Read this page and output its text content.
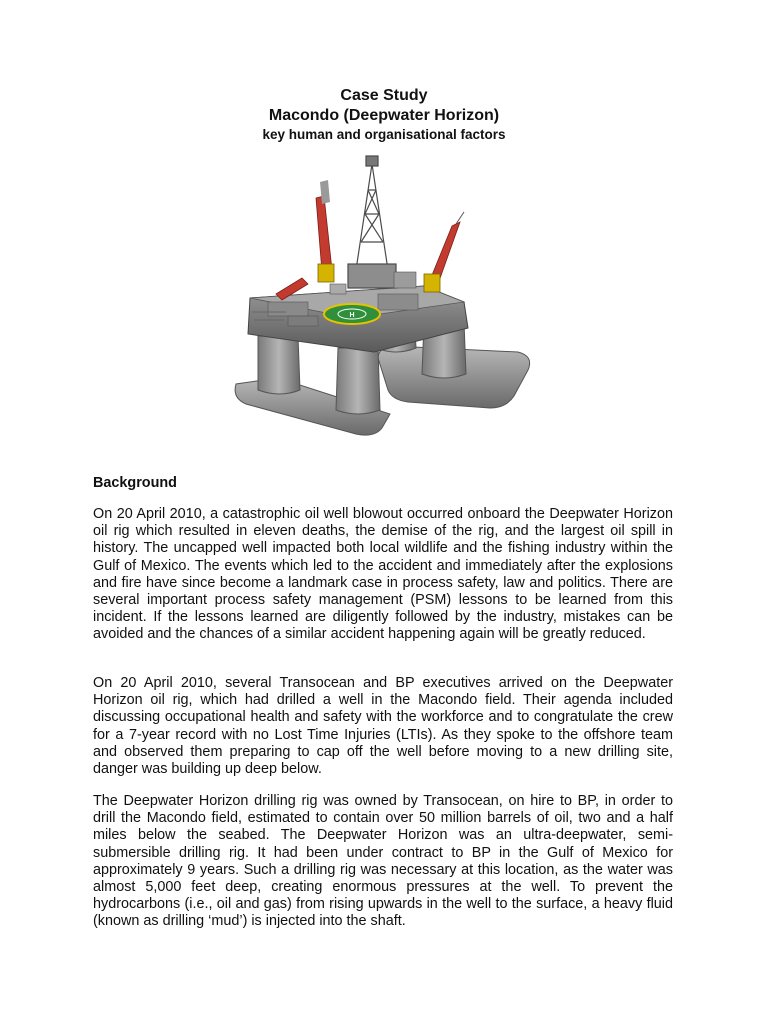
Case Study
Macondo (Deepwater Horizon)
key human and organisational factors
H

Background

On 20 April 2010, a catastrophic oil well blowout occurred onboard the Deepwater Horizon oil rig which resulted in eleven deaths, the demise of the rig, and the largest oil spill in history. The uncapped well impacted both local wildlife and the fishing industry within the Gulf of Mexico. The events which led to the accident and immediately after the explosions and fire have since become a landmark case in process safety, law and politics. There are several important process safety management (PSM) lessons to be learned from this incident. If the lessons learned are diligently followed by the industry, mistakes can be avoided and the chances of a similar accident happening again will be greatly reduced.

On 20 April 2010, several Transocean and BP executives arrived on the Deepwater Horizon oil rig, which had drilled a well in the Macondo field. Their agenda included discussing occupational health and safety with the workforce and to congratulate the crew for a 7-year record with no Lost Time Injuries (LTIs). As they spoke to the offshore team and observed them preparing to cap off the well before moving to a new drilling site, danger was building up deep below.

The Deepwater Horizon drilling rig was owned by Transocean, on hire to BP, in order to drill the Macondo field, estimated to contain over 50 million barrels of oil, two and a half miles below the seabed. The Deepwater Horizon was an ultra-deepwater, semi-submersible drilling rig. It had been under contract to BP in the Gulf of Mexico for approximately 9 years. Such a drilling rig was necessary at this location, as the water was almost 5,000 feet deep, creating enormous pressures at the well. To prevent the hydrocarbons (i.e., oil and gas) from rising upwards in the well to the surface, a heavy fluid (known as drilling ‘mud’) is injected into the shaft.
